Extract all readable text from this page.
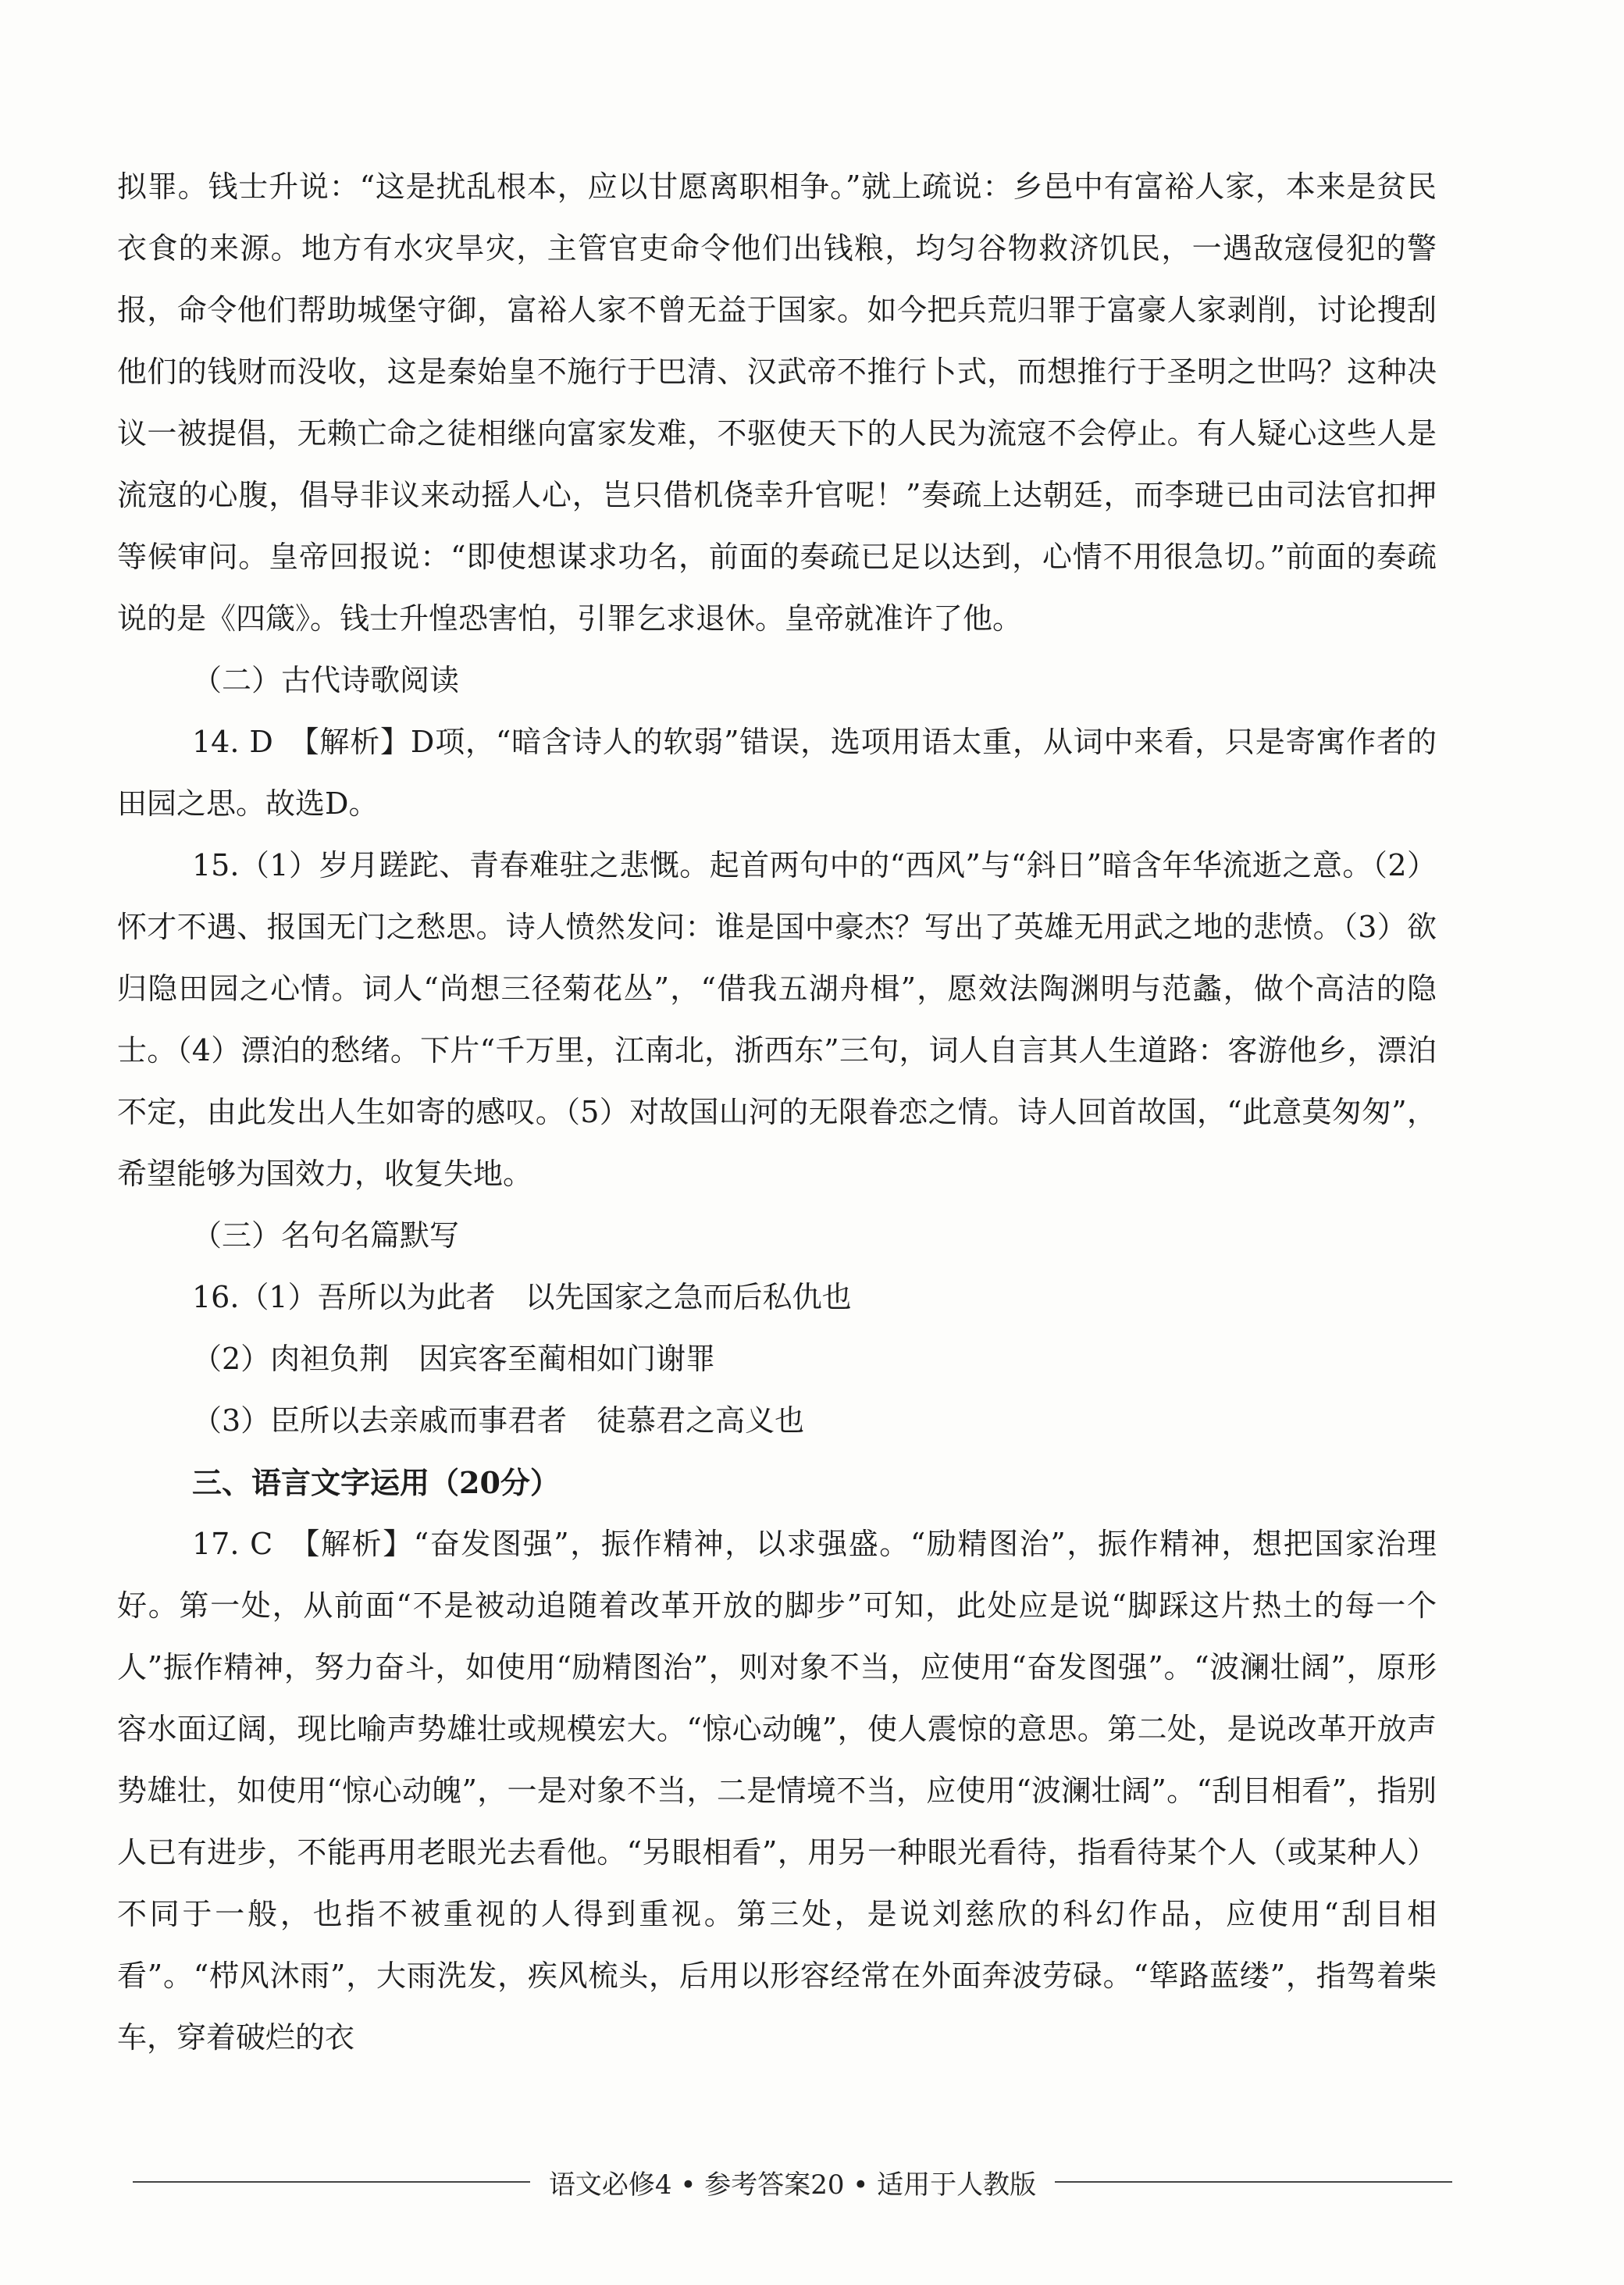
拟罪。钱士升说：“这是扰乱根本，应以甘愿离职相争。”就上疏说：乡邑中有富裕人家，本来是贫民衣食的来源。地方有水灾旱灾，主管官吏命令他们出钱粮，均匀谷物救济饥民，一遇敌寇侵犯的警报，命令他们帮助城堡守御，富裕人家不曾无益于国家。如今把兵荒归罪于富豪人家剥削，讨论搜刮他们的钱财而没收，这是秦始皇不施行于巴清、汉武帝不推行卜式，而想推行于圣明之世吗？这种决议一被提倡，无赖亡命之徒相继向富家发难，不驱使天下的人民为流寇不会停止。有人疑心这些人是流寇的心腹，倡导非议来动摇人心，岂只借机侥幸升官呢！”奏疏上达朝廷，而李琎已由司法官扣押等候审问。皇帝回报说：“即使想谋求功名，前面的奏疏已足以达到，心情不用很急切。”前面的奏疏说的是《四箴》。钱士升惶恐害怕，引罪乞求退休。皇帝就准许了他。

（二）古代诗歌阅读

14. D　【解析】D项，“暗含诗人的软弱”错误，选项用语太重，从词中来看，只是寄寓作者的田园之思。故选D。

15.（1）岁月蹉跎、青春难驻之悲慨。起首两句中的“西风”与“斜日”暗含年华流逝之意。（2）怀才不遇、报国无门之愁思。诗人愤然发问：谁是国中豪杰？写出了英雄无用武之地的悲愤。（3）欲归隐田园之心情。词人“尚想三径菊花丛”，“借我五湖舟楫”，愿效法陶渊明与范蠡，做个高洁的隐士。（4）漂泊的愁绪。下片“千万里，江南北，浙西东”三句，词人自言其人生道路：客游他乡，漂泊不定，由此发出人生如寄的感叹。（5）对故国山河的无限眷恋之情。诗人回首故国，“此意莫匆匆”，希望能够为国效力，收复失地。

（三）名句名篇默写

16.（1）吾所以为此者　以先国家之急而后私仇也

（2）肉袒负荆　因宾客至蔺相如门谢罪

（3）臣所以去亲戚而事君者　徒慕君之高义也

三、语言文字运用（20分）

17. C　【解析】“奋发图强”，振作精神，以求强盛。“励精图治”，振作精神，想把国家治理好。第一处，从前面“不是被动追随着改革开放的脚步”可知，此处应是说“脚踩这片热土的每一个人”振作精神，努力奋斗，如使用“励精图治”，则对象不当，应使用“奋发图强”。“波澜壮阔”，原形容水面辽阔，现比喻声势雄壮或规模宏大。“惊心动魄”，使人震惊的意思。第二处，是说改革开放声势雄壮，如使用“惊心动魄”，一是对象不当，二是情境不当，应使用“波澜壮阔”。“刮目相看”，指别人已有进步，不能再用老眼光去看他。“另眼相看”，用另一种眼光看待，指看待某个人（或某种人）不同于一般，也指不被重视的人得到重视。第三处，是说刘慈欣的科幻作品，应使用“刮目相看”。“栉风沐雨”，大雨洗发，疾风梳头，后用以形容经常在外面奔波劳碌。“筚路蓝缕”，指驾着柴车，穿着破烂的衣

语文必修4 • 参考答案20 • 适用于人教版
